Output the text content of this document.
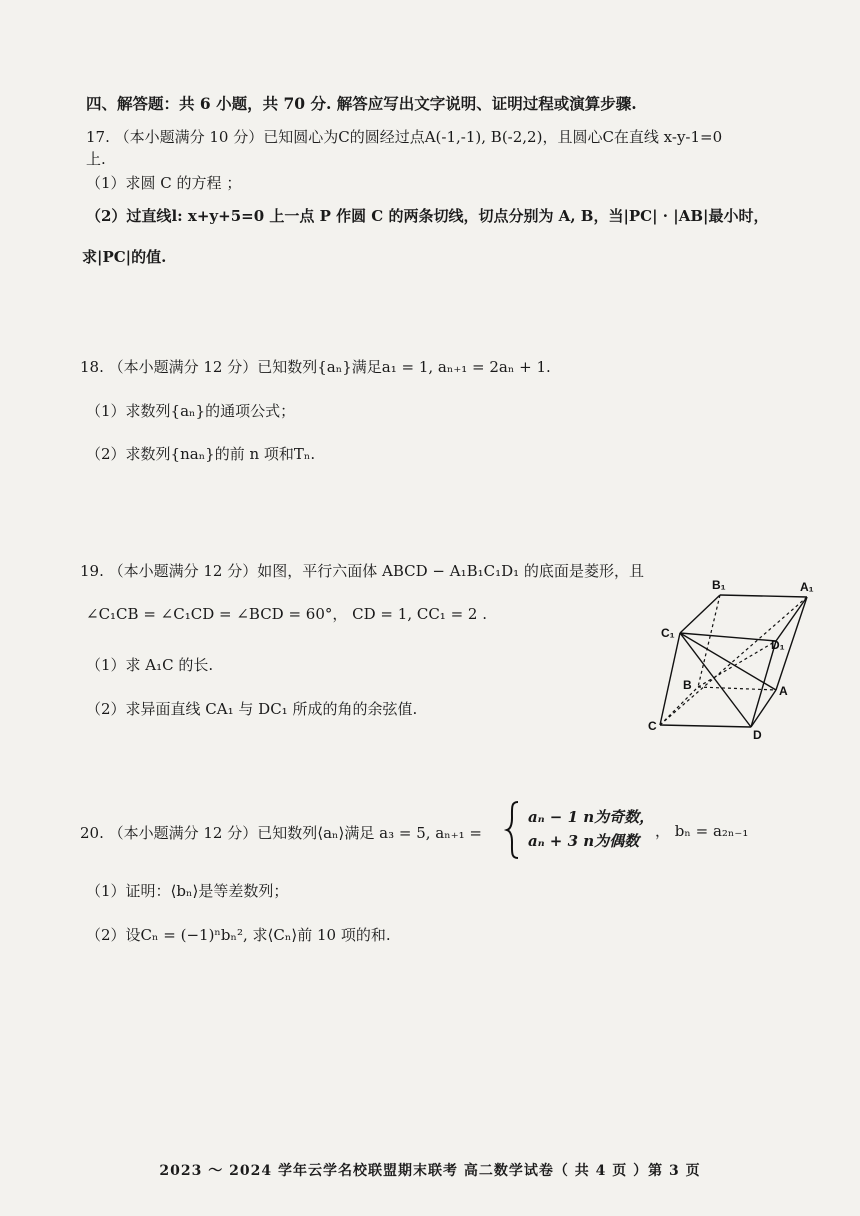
四、解答题：共 6 小题，共 70 分. 解答应写出文字说明、证明过程或演算步骤.
17. （本小题满分 10 分）已知圆心为C的圆经过点A(-1,-1), B(-2,2)，且圆心C在直线 x-y-1=0
上.
（1）求圆 C 的方程 ；
（2）过直线l: x+y+5=0 上一点 P 作圆 C 的两条切线，切点分别为 A, B，当|PC| · |AB|最小时，
求|PC|的值.
18. （本小题满分 12 分）已知数列{aₙ}满足a₁ = 1, aₙ₊₁ = 2aₙ + 1.
（1）求数列{aₙ}的通项公式；
（2）求数列{naₙ}的前 n 项和Tₙ.
19. （本小题满分 12 分）如图，平行六面体 ABCD − A₁B₁C₁D₁ 的底面是菱形，且
∠C₁CB = ∠C₁CD = ∠BCD = 60°， CD = 1, CC₁ = 2 .
（1）求 A₁C 的长.
（2）求异面直线 CA₁ 与 DC₁ 所成的角的余弦值.
B₁	A₁
C₁
D₁
B	A
C
D
20. （本小题满分 12 分）已知数列⟨aₙ⟩满足 a₃ = 5, aₙ₊₁ =
aₙ − 1 n为奇数，
aₙ + 3 n为偶数
， bₙ = a₂ₙ₋₁
（1）证明：⟨bₙ⟩是等差数列；
（2）设Cₙ = (−1)ⁿbₙ², 求⟨Cₙ⟩前 10 项的和.
2023 ～ 2024 学年云学名校联盟期末联考 高二数学试卷（ 共 4 页 ）第 3 页
